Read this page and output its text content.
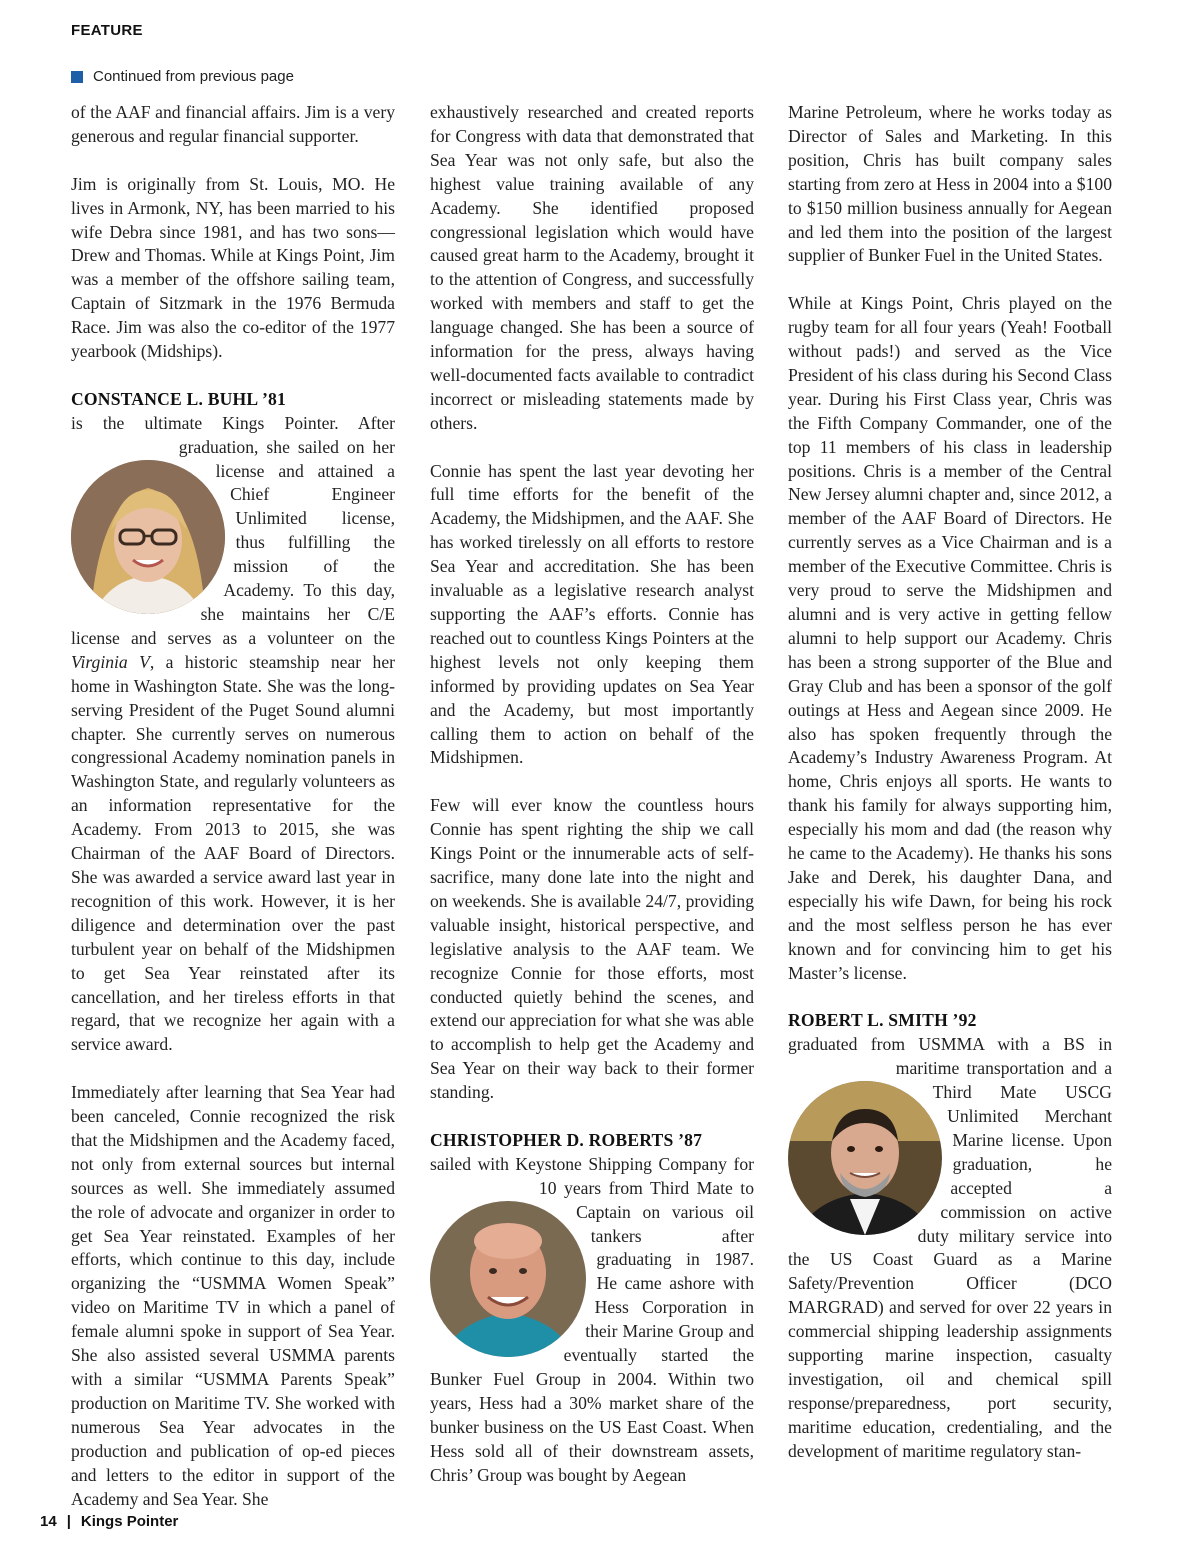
FEATURE
Continued from previous page

of the AAF and financial affairs. Jim is a very generous and regular financial supporter.

Jim is originally from St. Louis, MO. He lives in Armonk, NY, has been married to his wife Debra since 1981, and has two sons—Drew and Thomas. While at Kings Point, Jim was a member of the offshore sailing team, Captain of Sitzmark in the 1976 Bermuda Race. Jim was also the co-editor of the 1977 yearbook (Midships).

CONSTANCE L. BUHL ’81

is the ultimate Kings Pointer. After graduation, she sailed on her license and attained a Chief Engineer Unlimited license, thus fulfilling the mission of the Academy. To this day, she maintains her C/E license and serves as a volunteer on the Virginia V, a historic steamship near her home in Washington State. She was the long-serving President of the Puget Sound alumni chapter. She currently serves on numerous congressional Academy nomination panels in Washington State, and regularly volunteers as an information representative for the Academy. From 2013 to 2015, she was Chairman of the AAF Board of Directors. She was awarded a service award last year in recognition of this work. However, it is her diligence and determination over the past turbulent year on behalf of the Midshipmen to get Sea Year reinstated after its cancellation, and her tireless efforts in that regard, that we recognize her again with a service award.

Immediately after learning that Sea Year had been canceled, Connie recognized the risk that the Midshipmen and the Academy faced, not only from external sources but internal sources as well. She immediately assumed the role of advocate and organizer in order to get Sea Year reinstated. Examples of her efforts, which continue to this day, include organizing the “USMMA Women Speak” video on Maritime TV in which a panel of female alumni spoke in support of Sea Year. She also assisted several USMMA parents with a similar “USMMA Parents Speak” production on Maritime TV. She worked with numerous Sea Year advocates in the production and publication of op-ed pieces and letters to the editor in support of the Academy and Sea Year. She

exhaustively researched and created reports for Congress with data that demonstrated that Sea Year was not only safe, but also the highest value training available of any Academy. She identified proposed congressional legislation which would have caused great harm to the Academy, brought it to the attention of Congress, and successfully worked with members and staff to get the language changed. She has been a source of information for the press, always having well-documented facts available to contradict incorrect or misleading statements made by others.

Connie has spent the last year devoting her full time efforts for the benefit of the Academy, the Midshipmen, and the AAF. She has worked tirelessly on all efforts to restore Sea Year and accreditation. She has been invaluable as a legislative research analyst supporting the AAF’s efforts. Connie has reached out to countless Kings Pointers at the highest levels not only keeping them informed by providing updates on Sea Year and the Academy, but most importantly calling them to action on behalf of the Midshipmen.

Few will ever know the countless hours Connie has spent righting the ship we call Kings Point or the innumerable acts of self-sacrifice, many done late into the night and on weekends. She is available 24/7, providing valuable insight, historical perspective, and legislative analysis to the AAF team. We recognize Connie for those efforts, most conducted quietly behind the scenes, and extend our appreciation for what she was able to accomplish to help get the Academy and Sea Year on their way back to their former standing.

CHRISTOPHER D. ROBERTS ’87

sailed with Keystone Shipping Company for 10 years from Third Mate to Captain on various oil tankers after graduating in 1987. He came ashore with Hess Corporation in their Marine Group and eventually started the Bunker Fuel Group in 2004. Within two years, Hess had a 30% market share of the bunker business on the US East Coast. When Hess sold all of their downstream assets, Chris’ Group was bought by Aegean

Marine Petroleum, where he works today as Director of Sales and Marketing. In this position, Chris has built company sales starting from zero at Hess in 2004 into a $100 to $150 million business annually for Aegean and led them into the position of the largest supplier of Bunker Fuel in the United States.

While at Kings Point, Chris played on the rugby team for all four years (Yeah! Football without pads!) and served as the Vice President of his class during his Second Class year. During his First Class year, Chris was the Fifth Company Commander, one of the top 11 members of his class in leadership positions. Chris is a member of the Central New Jersey alumni chapter and, since 2012, a member of the AAF Board of Directors. He currently serves as a Vice Chairman and is a member of the Executive Committee. Chris is very proud to serve the Midshipmen and alumni and is very active in getting fellow alumni to help support our Academy. Chris has been a strong supporter of the Blue and Gray Club and has been a sponsor of the golf outings at Hess and Aegean since 2009. He also has spoken frequently through the Academy’s Industry Awareness Program. At home, Chris enjoys all sports. He wants to thank his family for always supporting him, especially his mom and dad (the reason why he came to the Academy). He thanks his sons Jake and Derek, his daughter Dana, and especially his wife Dawn, for being his rock and the most selfless person he has ever known and for convincing him to get his Master’s license.

ROBERT L. SMITH ’92

graduated from USMMA with a BS in maritime transportation and a Third Mate USCG Unlimited Merchant Marine license. Upon graduation, he accepted a commission on active duty military service into the US Coast Guard as a Marine Safety/Prevention Officer (DCO MARGRAD) and served for over 22 years in commercial shipping leadership assignments supporting marine inspection, casualty investigation, oil and chemical spill response/preparedness, port security, maritime education, credentialing, and the development of maritime regulatory stan-

14 | Kings Pointer
